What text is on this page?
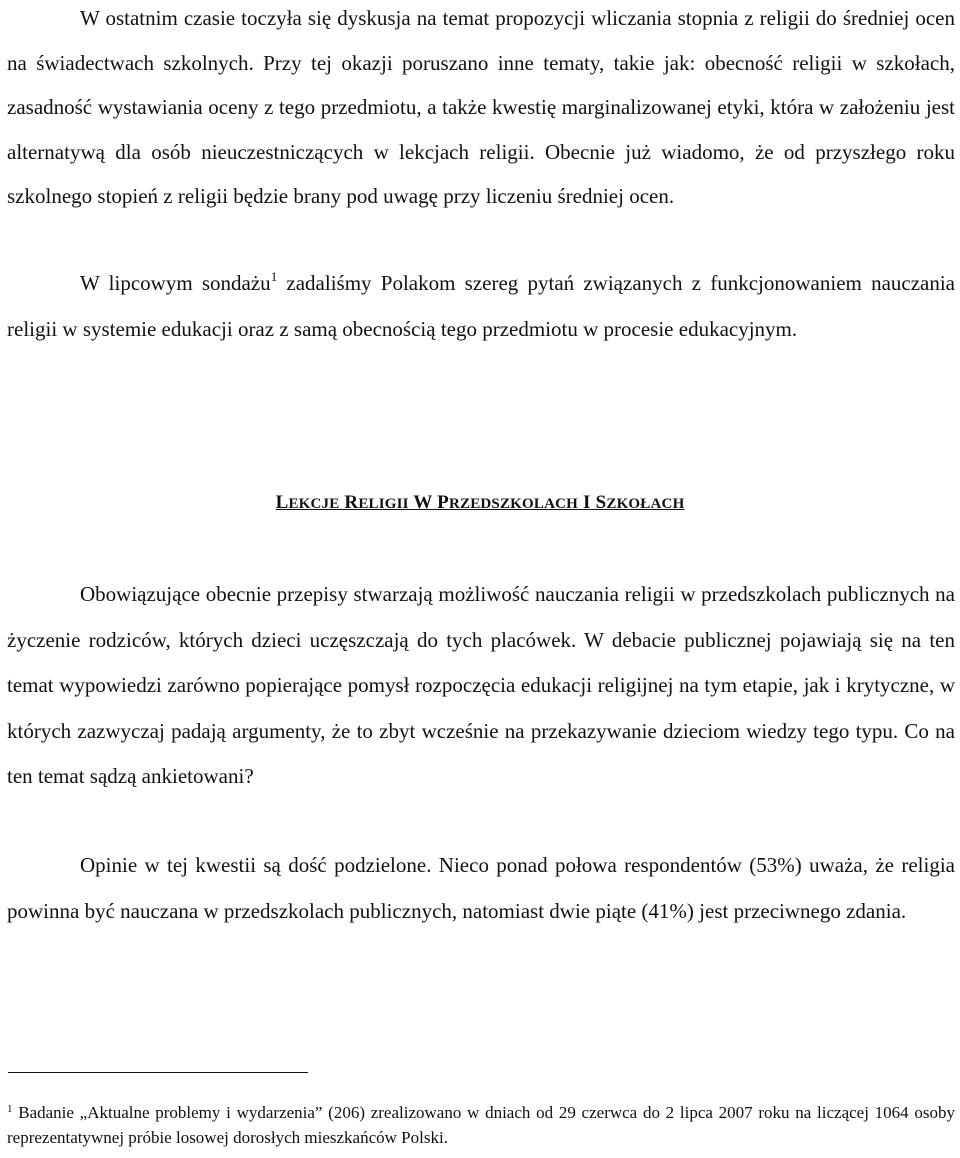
W ostatnim czasie toczyła się dyskusja na temat propozycji wliczania stopnia z religii do średniej ocen na świadectwach szkolnych. Przy tej okazji poruszano inne tematy, takie jak: obecność religii w szkołach, zasadność wystawiania oceny z tego przedmiotu, a także kwestię marginalizowanej etyki, która w założeniu jest alternatywą dla osób nieuczestniczących w lekcjach religii. Obecnie już wiadomo, że od przyszłego roku szkolnego stopień z religii będzie brany pod uwagę przy liczeniu średniej ocen.

W lipcowym sondażu$^1$ zadaliśmy Polakom szereg pytań związanych z funkcjonowaniem nauczania religii w systemie edukacji oraz z samą obecnością tego przedmiotu w procesie edukacyjnym.

LEKCJE RELIGII W PRZEDSZKOLACH I SZKOŁACH

Obowiązujące obecnie przepisy stwarzają możliwość nauczania religii w przedszkolach publicznych na życzenie rodziców, których dzieci uczęszczają do tych placówek. W debacie publicznej pojawiają się na ten temat wypowiedzi zarówno popierające pomysł rozpoczęcia edukacji religijnej na tym etapie, jak i krytyczne, w których zazwyczaj padają argumenty, że to zbyt wcześnie na przekazywanie dzieciom wiedzy tego typu. Co na ten temat sądzą ankietowani?

Opinie w tej kwestii są dość podzielone. Nieco ponad połowa respondentów (53%) uważa, że religia powinna być nauczana w przedszkolach publicznych, natomiast dwie piąte (41%) jest przeciwnego zdania.

$^1$ Badanie „Aktualne problemy i wydarzenia” (206) zrealizowano w dniach od 29 czerwca do 2 lipca 2007 roku na liczącej 1064 osoby reprezentatywnej próbie losowej dorosłych mieszkańców Polski.
